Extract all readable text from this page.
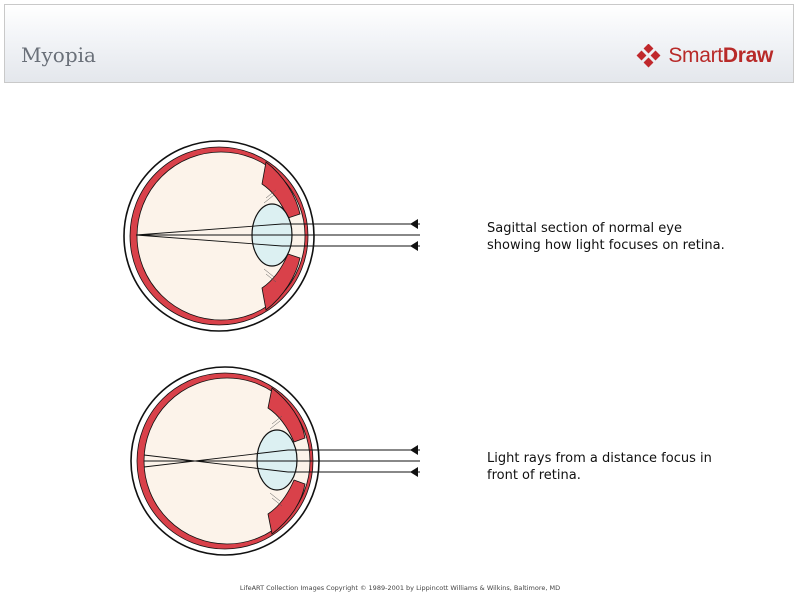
Myopia	SmartDraw
Sagittal section of normal eye showing how light focuses on retina.
Light rays from a distance focus in front of retina.
LifeART Collection Images Copyright © 1989-2001 by Lippincott Williams & Wilkins, Baltimore, MD
